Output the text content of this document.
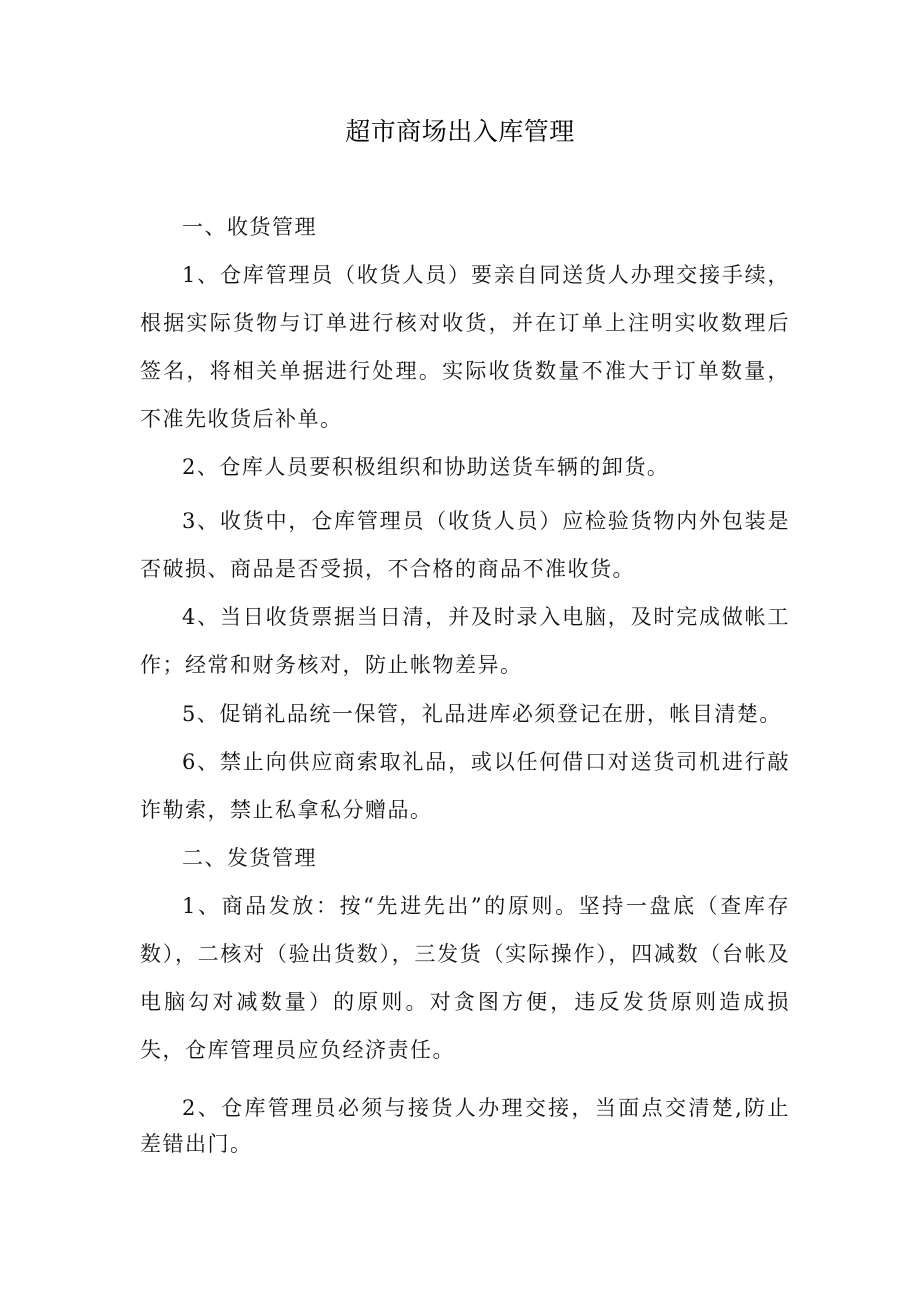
超市商场出入库管理
一、收货管理
1、仓库管理员（收货人员）要亲自同送货人办理交接手续，根据实际货物与订单进行核对收货，并在订单上注明实收数理后签名，将相关单据进行处理。实际收货数量不准大于订单数量，不准先收货后补单。
2、仓库人员要积极组织和协助送货车辆的卸货。
3、收货中，仓库管理员（收货人员）应检验货物内外包装是否破损、商品是否受损，不合格的商品不准收货。
4、当日收货票据当日清，并及时录入电脑，及时完成做帐工作；经常和财务核对，防止帐物差异。
5、促销礼品统一保管，礼品进库必须登记在册，帐目清楚。
6、禁止向供应商索取礼品，或以任何借口对送货司机进行敲诈勒索，禁止私拿私分赠品。
二、发货管理
1、商品发放：按“先进先出”的原则。坚持一盘底（查库存数），二核对（验出货数），三发货（实际操作），四减数（台帐及电脑勾对减数量）的原则。对贪图方便，违反发货原则造成损失，仓库管理员应负经济责任。
2、仓库管理员必须与接货人办理交接，当面点交清楚,防止差错出门。
